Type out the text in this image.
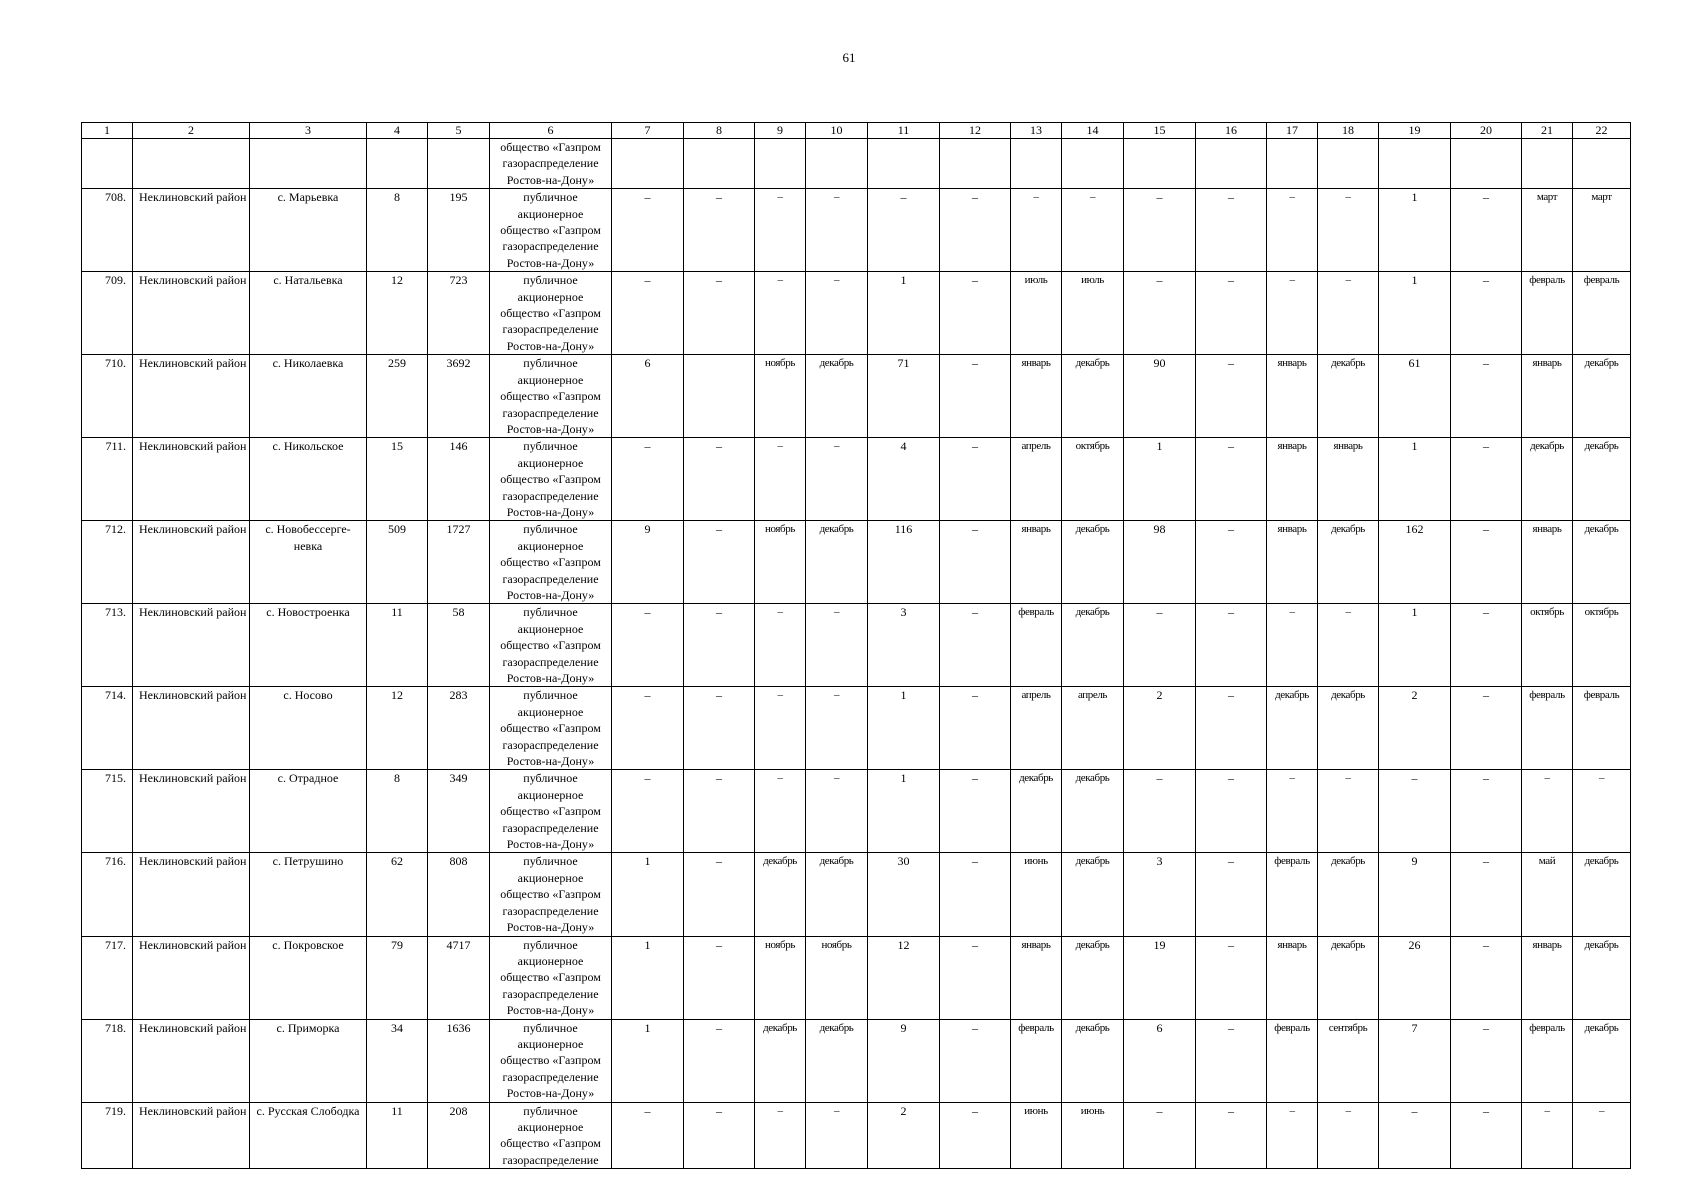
61
1	2	3	4	5	6	7	8	9	10	11	12	13	14	15	16	17	18	19	20	21	22
					общество «Газпром газораспределение Ростов-на-Дону»																
708.	Неклиновский район	с. Марьевка	8	195	публичное акционерное общество «Газпром газораспределение Ростов-на-Дону»	–	–	–	–	–	–	–	–	–	–	–	–	1	–	март	март
709.	Неклиновский район	с. Натальевка	12	723	публичное акционерное общество «Газпром газораспределение Ростов-на-Дону»	–	–	–	–	1	–	июль	июль	–	–	–	–	1	–	февраль	февраль
710.	Неклиновский район	с. Николаевка	259	3692	публичное акционерное общество «Газпром газораспределение Ростов-на-Дону»	6		ноябрь	декабрь	71	–	январь	декабрь	90	–	январь	декабрь	61	–	январь	декабрь
711.	Неклиновский район	с. Никольское	15	146	публичное акционерное общество «Газпром газораспределение Ростов-на-Дону»	–	–	–	–	4	–	апрель	октябрь	1	–	январь	январь	1	–	декабрь	декабрь
712.	Неклиновский район	с. Новобессерге-невка	509	1727	публичное акционерное общество «Газпром газораспределение Ростов-на-Дону»	9	–	ноябрь	декабрь	116	–	январь	декабрь	98	–	январь	декабрь	162	–	январь	декабрь
713.	Неклиновский район	с. Новостроенка	11	58	публичное акционерное общество «Газпром газораспределение Ростов-на-Дону»	–	–	–	–	3	–	февраль	декабрь	–	–	–	–	1	–	октябрь	октябрь
714.	Неклиновский район	с. Носово	12	283	публичное акционерное общество «Газпром газораспределение Ростов-на-Дону»	–	–	–	–	1	–	апрель	апрель	2	–	декабрь	декабрь	2	–	февраль	февраль
715.	Неклиновский район	с. Отрадное	8	349	публичное акционерное общество «Газпром газораспределение Ростов-на-Дону»	–	–	–	–	1	–	декабрь	декабрь	–	–	–	–	–	–	–	–
716.	Неклиновский район	с. Петрушино	62	808	публичное акционерное общество «Газпром газораспределение Ростов-на-Дону»	1	–	декабрь	декабрь	30	–	июнь	декабрь	3	–	февраль	декабрь	9	–	май	декабрь
717.	Неклиновский район	с. Покровское	79	4717	публичное акционерное общество «Газпром газораспределение Ростов-на-Дону»	1	–	ноябрь	ноябрь	12	–	январь	декабрь	19	–	январь	декабрь	26	–	январь	декабрь
718.	Неклиновский район	с. Приморка	34	1636	публичное акционерное общество «Газпром газораспределение Ростов-на-Дону»	1	–	декабрь	декабрь	9	–	февраль	декабрь	6	–	февраль	сентябрь	7	–	февраль	декабрь
719.	Неклиновский район	с. Русская Слободка	11	208	публичное акционерное общество «Газпром газораспределение	–	–	–	–	2	–	июнь	июнь	–	–	–	–	–	–	–	–
